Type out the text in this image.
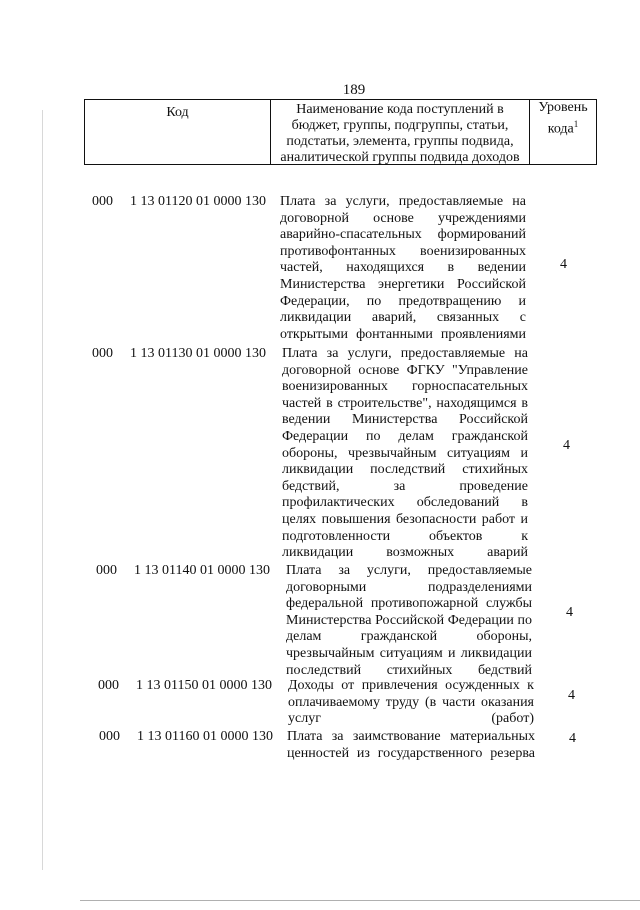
189
Код	Наименование кода поступлений в бюджет, группы, подгруппы, статьи, подстатьи, элемента, группы подвида, аналитической группы подвида доходов
Уровень кода$^1$
000 1 13 01120 01 0000 130 Плата за услуги, предоставляемые на договорной основе учреждениями аварийно-спасательных формирований противофонтанных военизированных частей, находящихся в ведении Министерства энергетики Российской Федерации, по предотвращению и ликвидации аварий, связанных с открытыми фонтанными проявлениями
4
000 1 13 01130 01 0000 130 Плата за услуги, предоставляемые на договорной основе ФГКУ "Управление военизированных горноспасательных частей в строительстве", находящимся в ведении Министерства Российской Федерации по делам гражданской обороны, чрезвычайным ситуациям и ликвидации последствий стихийных бедствий, за проведение профилактических обследований в целях повышения безопасности работ и подготовленности объектов к ликвидации возможных аварий
4
000 1 13 01140 01 0000 130 Плата за услуги, предоставляемые договорными подразделениями федеральной противопожарной службы Министерства Российской Федерации по делам гражданской обороны, чрезвычайным ситуациям и ликвидации последствий стихийных бедствий
4
000 1 13 01150 01 0000 130 Доходы от привлечения осужденных к оплачиваемому труду (в части оказания услуг (работ)
4
000 1 13 01160 01 0000 130 Плата за заимствование материальных ценностей из государственного резерва
4
